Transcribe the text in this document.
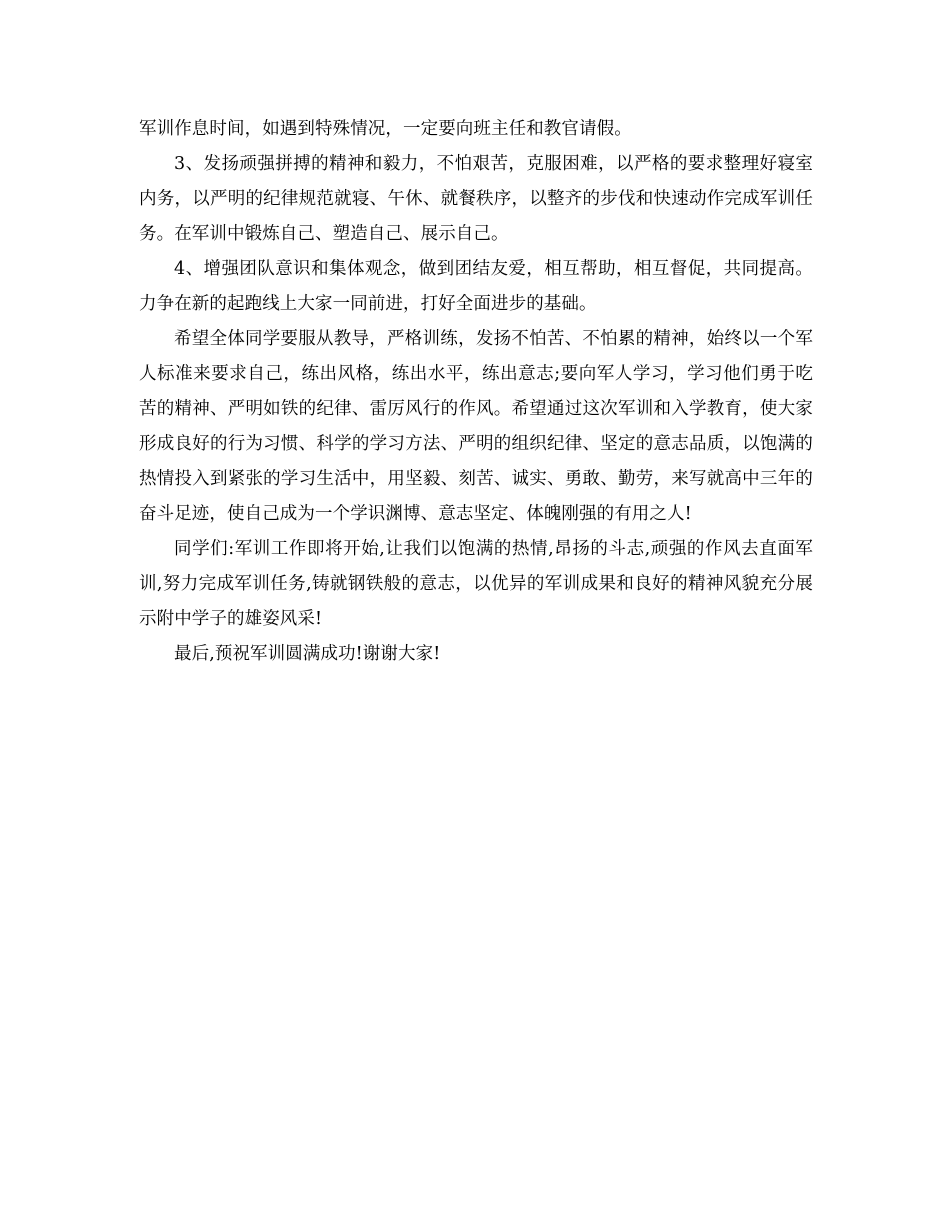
军训作息时间，如遇到特殊情况，一定要向班主任和教官请假。

3、发扬顽强拼搏的精神和毅力，不怕艰苦，克服困难，以严格的要求整理好寝室内务，以严明的纪律规范就寝、午休、就餐秩序，以整齐的步伐和快速动作完成军训任务。在军训中锻炼自己、塑造自己、展示自己。

4、增强团队意识和集体观念，做到团结友爱，相互帮助，相互督促，共同提高。力争在新的起跑线上大家一同前进，打好全面进步的基础。

希望全体同学要服从教导，严格训练，发扬不怕苦、不怕累的精神，始终以一个军人标准来要求自己，练出风格，练出水平，练出意志;要向军人学习，学习他们勇于吃苦的精神、严明如铁的纪律、雷厉风行的作风。希望通过这次军训和入学教育，使大家形成良好的行为习惯、科学的学习方法、严明的组织纪律、坚定的意志品质，以饱满的热情投入到紧张的学习生活中，用坚毅、刻苦、诚实、勇敢、勤劳，来写就高中三年的奋斗足迹，使自己成为一个学识渊博、意志坚定、体魄刚强的有用之人!

同学们:军训工作即将开始,让我们以饱满的热情,昂扬的斗志,顽强的作风去直面军训,努力完成军训任务,铸就钢铁般的意志，以优异的军训成果和良好的精神风貌充分展示附中学子的雄姿风采!

最后,预祝军训圆满成功!谢谢大家!
